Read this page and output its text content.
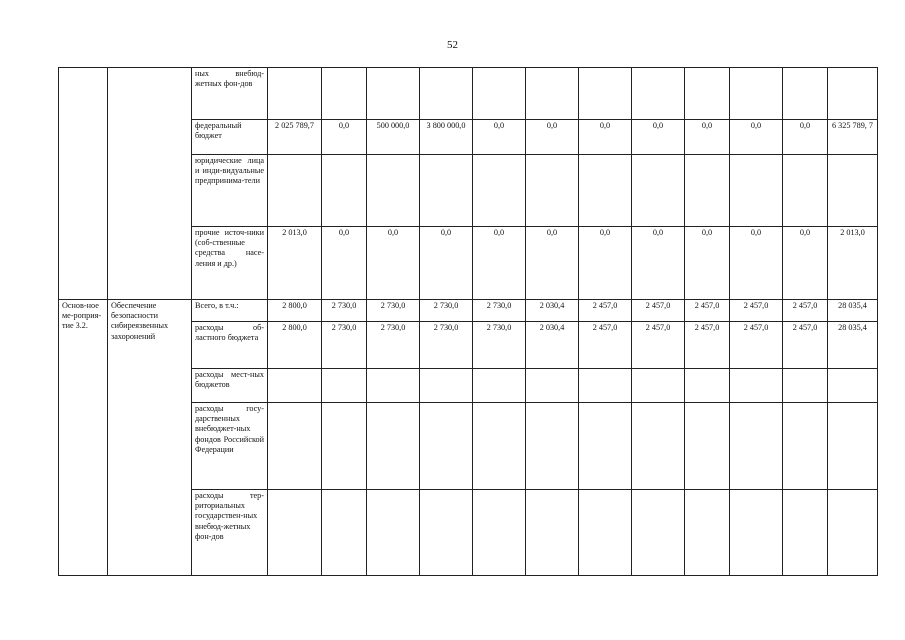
52
		ных внебюд-жетных фон-дов												
		федеральный бюджет	2 025 789,7	0,0	500 000,0	3 800 000,0	0,0	0,0	0,0	0,0	0,0	0,0	0,0	6 325 789, 7
		юридические лица и инди-видуальные предпринима-тели												
		прочие источ-ники (соб-ственные средства насе-ления и др.)	2 013,0	0,0	0,0	0,0	0,0	0,0	0,0	0,0	0,0	0,0	0,0	2 013,0
Основ-ное ме-роприя-тие 3.2.	Обеспечение безопасности сибиреязвенных захоронений	Всего, в т.ч.:	2 800,0	2 730,0	2 730,0	2 730,0	2 730,0	2 030,4	2 457,0	2 457,0	2 457,0	2 457,0	2 457,0	28 035,4
		расходы об-ластного бюджета	2 800,0	2 730,0	2 730,0	2 730,0	2 730,0	2 030,4	2 457,0	2 457,0	2 457,0	2 457,0	2 457,0	28 035,4
		расходы мест-ных бюджетов												
		расходы госу-дарственных внебюджет-ных фондов Российской Федерации												
		расходы тер-риториальных государствен-ных внебюд-жетных фон-дов												
